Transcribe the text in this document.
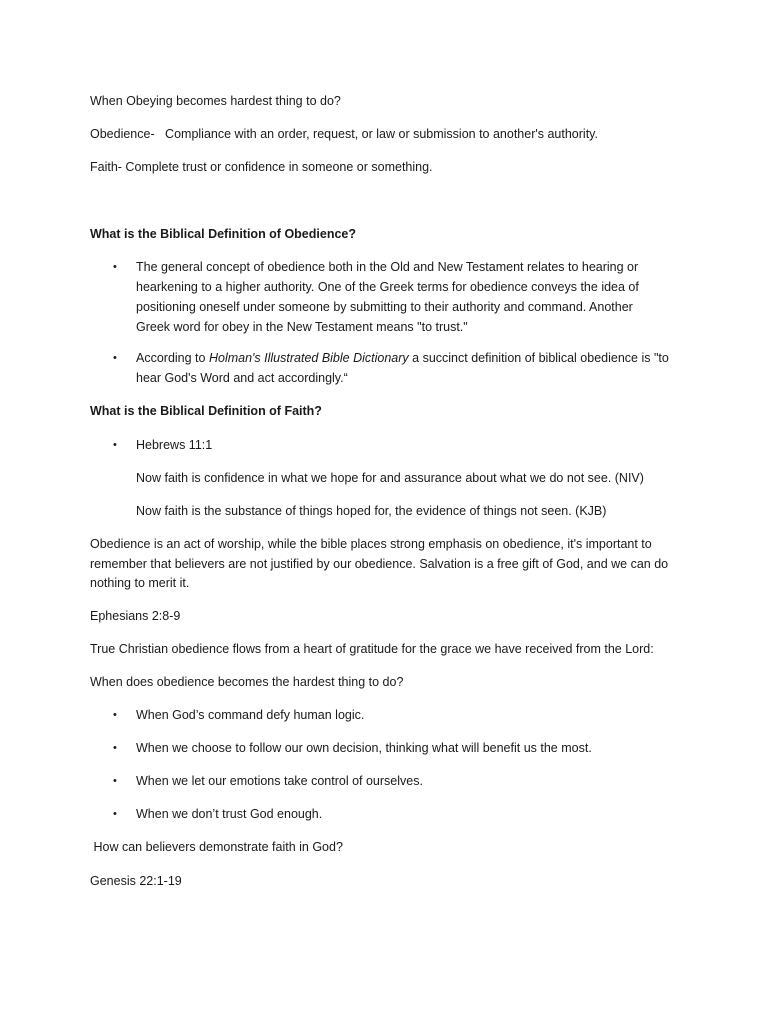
When Obeying becomes hardest thing to do?
Obedience- Compliance with an order, request, or law or submission to another's authority.
Faith- Complete trust or confidence in someone or something.
What is the Biblical Definition of Obedience?
• The general concept of obedience both in the Old and New Testament relates to hearing or hearkening to a higher authority. One of the Greek terms for obedience conveys the idea of positioning oneself under someone by submitting to their authority and command. Another Greek word for obey in the New Testament means "to trust."
• According to Holman's Illustrated Bible Dictionary a succinct definition of biblical obedience is "to hear God's Word and act accordingly.“
What is the Biblical Definition of Faith?
• Hebrews 11:1
Now faith is confidence in what we hope for and assurance about what we do not see. (NIV)
Now faith is the substance of things hoped for, the evidence of things not seen. (KJB)
Obedience is an act of worship, while the bible places strong emphasis on obedience, it's important to remember that believers are not justified by our obedience. Salvation is a free gift of God, and we can do nothing to merit it.
Ephesians 2:8-9
True Christian obedience flows from a heart of gratitude for the grace we have received from the Lord:
When does obedience becomes the hardest thing to do?
• When God’s command defy human logic.
• When we choose to follow our own decision, thinking what will benefit us the most.
• When we let our emotions take control of ourselves.
• When we don’t trust God enough.
How can believers demonstrate faith in God?
Genesis 22:1-19
